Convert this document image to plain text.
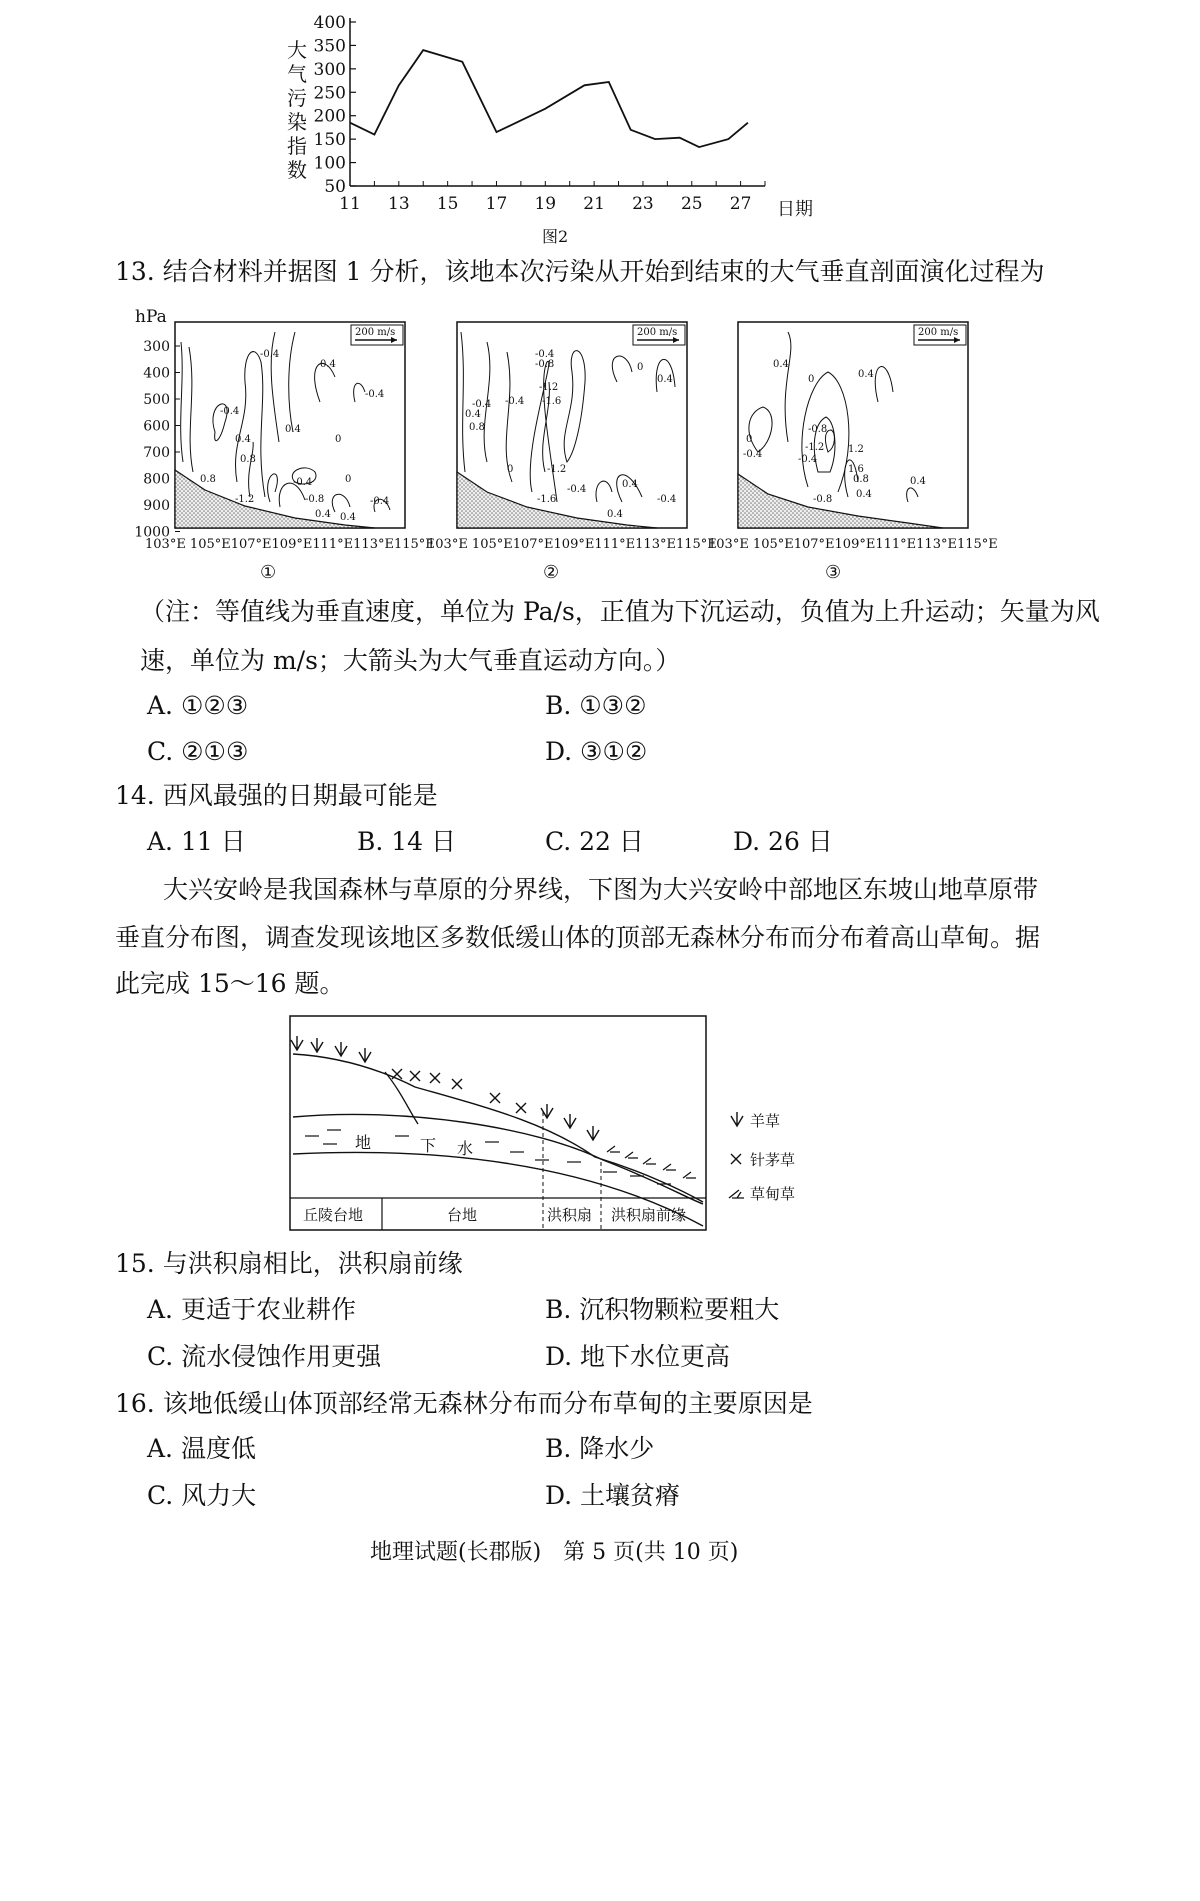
50
100
150
200
250
300
350
400
11 13 15 17 19 21 23 25 27 日期
图2
大气污染指数
13. 结合材料并据图 1 分析，该地本次污染从开始到结束的大气垂直剖面演化过程为
hPa
300
400
500
600
700
800
900
1000
200 m/s
-0.4
0.4
-0.4
-0.4
0.4
0.4
0.8
0
0.8
-1.2
-0.4
-0.8
0.4
0
-0.4
0.4
200 m/s
-0.4
-0.8
-1.2
-1.6
0
-0.4
0.4
-0.4
0.4
0.8
0	-1.2
-1.6
0.4
-0.4
-0.4
0.4
200 m/s
0.4
0	0.4
0
-0.4
-0.8
-1.2
-0.4
1.2
1.6
0.8
0.4
-0.8
0.4
103°E 105°E107°E109°E111°E113°E115°E
103°E 105°E107°E109°E111°E113°E115°E
103°E 105°E107°E109°E111°E113°E115°E
①	②	③
（注：等值线为垂直速度，单位为 Pa/s，正值为下沉运动，负值为上升运动；矢量为风
速，单位为 m/s；大箭头为大气垂直运动方向。）
A. ①②③	B. ①③②
C. ②①③	D. ③①②
14. 西风最强的日期最可能是
A. 11 日	B. 14 日	C. 22 日	D. 26 日
大兴安岭是我国森林与草原的分界线，下图为大兴安岭中部地区东坡山地草原带
垂直分布图，调查发现该地区多数低缓山体的顶部无森林分布而分布着高山草甸。据
此完成 15～16 题。
地	下 水
丘陵台地	台地	洪积扇 洪积扇前缘
羊草
针茅草
草甸草
15. 与洪积扇相比，洪积扇前缘
A. 更适于农业耕作	B. 沉积物颗粒要粗大
C. 流水侵蚀作用更强	D. 地下水位更高
16. 该地低缓山体顶部经常无森林分布而分布草甸的主要原因是
A. 温度低	B. 降水少
C. 风力大	D. 土壤贫瘠
地理试题(长郡版)　第 5 页(共 10 页)
